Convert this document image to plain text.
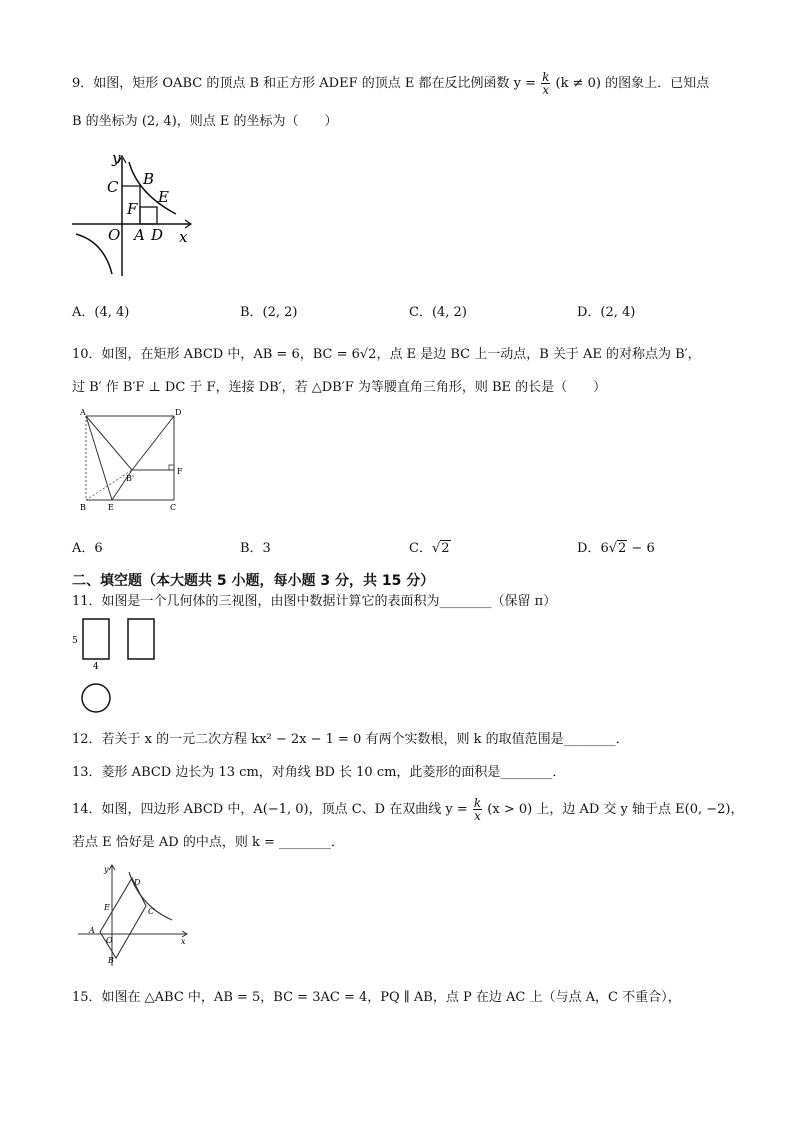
9．如图，矩形 OABC 的顶点 B 和正方形 ADEF 的顶点 E 都在反比例函数 $y = \frac{k}{x} (k \ne 0)$ 的图象上．已知点
B 的坐标为 (2, 4)，则点 E 的坐标为（　　）
y
x
C B
E
F
O A D
A．(4, 4)	B．(2, 2)	C．(4, 2)	D．(2, 4)
10．如图，在矩形 ABCD 中，AB = 6，BC = 6√2，点 E 是边 BC 上一动点，B 关于 AE 的对称点为 B′，
过 B′ 作 B′F ⊥ DC 于 F，连接 DB′，若 △DB′F 为等腰直角三角形，则 BE 的长是（　　）
A	D
B	E	C
F
B'
A．6	B．3	C．√2	D．6√2 − 6
二、填空题（本大题共 5 小题，每小题 3 分，共 15 分）
11．如图是一个几何体的三视图，由图中数据计算它的表面积为________（保留 π）
5
4
12．若关于 x 的一元二次方程 kx² − 2x − 1 = 0 有两个实数根，则 k 的取值范围是________．
13．菱形 ABCD 边长为 13 cm，对角线 BD 长 10 cm，此菱形的面积是________．
14．如图，四边形 ABCD 中，A(−1, 0)，顶点 C、D 在双曲线 $y = \frac{k}{x} (x > 0)$ 上，边 AD 交 y 轴于点 E(0, −2)，
若点 E 恰好是 AD 的中点，则 k = ________．
y
x
D
E	C
A
O
B
15．如图在 △ABC 中，AB = 5，BC = 3AC = 4，PQ ∥ AB，点 P 在边 AC 上（与点 A，C 不重合），
